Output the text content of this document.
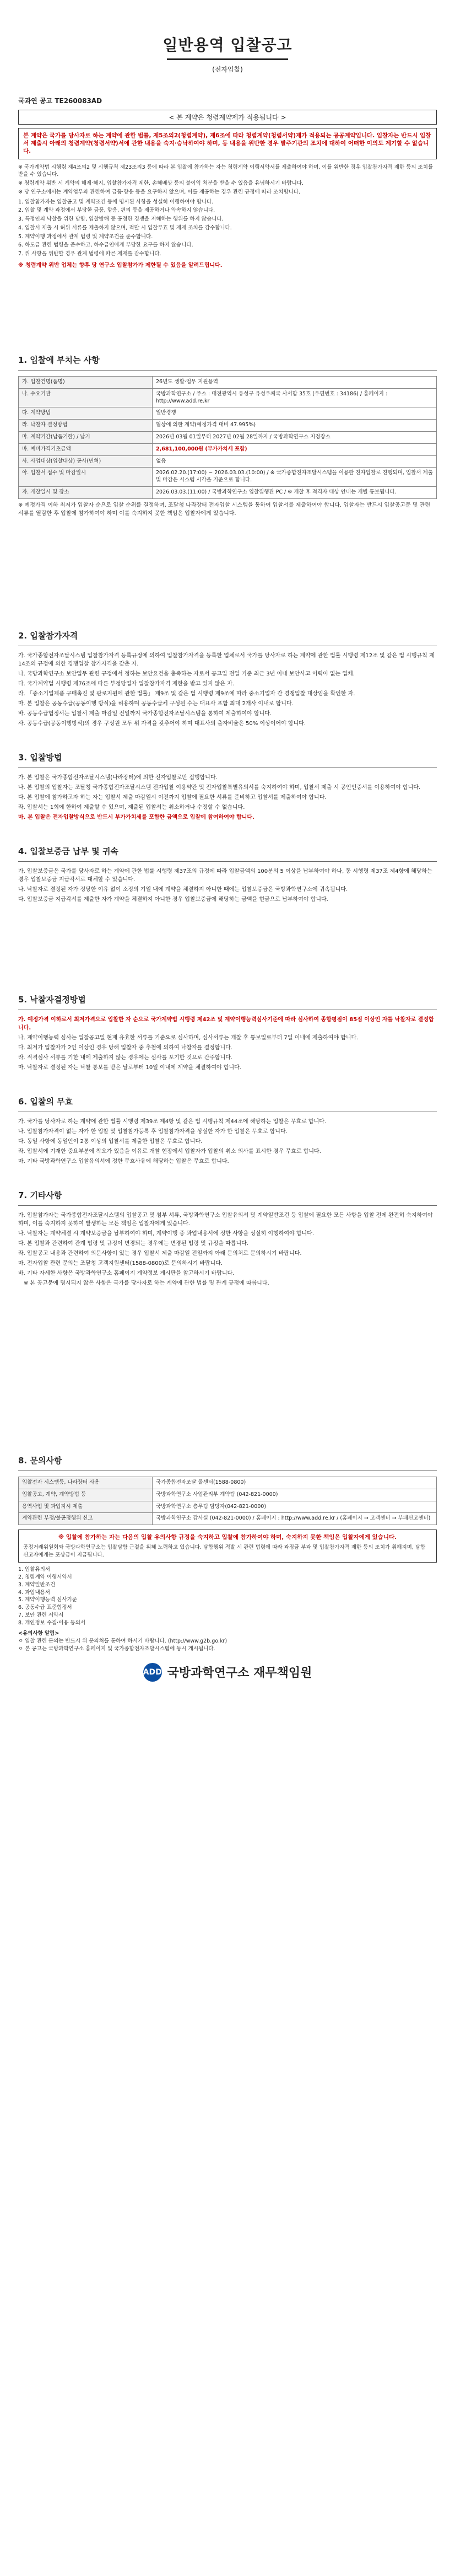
일반용역 입찰공고
(전자입찰)
국과연 공고 TE260083AD
< 본 계약은 청렴계약제가 적용됩니다 >
본 계약은 국가를 당사자로 하는 계약에 관한 법률, 제5조의2(청렴계약), 제6조에 따라 청렴계약(청렴서약)제가 적용되는 공공계약입니다. 입찰자는 반드시 입찰서 제출시 아래의 청렴계약(청렴서약)서에 관한 내용을 숙지·승낙하여야 하며, 동 내용을 위반한 경우 발주기관의 조치에 대하여 어떠한 이의도 제기할 수 없습니다.

※ 국가계약법 시행령 제4조의2 및 시행규칙 제23조의3 등에 따라 본 입찰에 참가하는 자는 청렴계약 이행서약서를 제출하여야 하며, 이를 위반한 경우 입찰참가자격 제한 등의 조치를 받을 수 있습니다.

※ 청렴계약 위반 시 계약의 해제·해지, 입찰참가자격 제한, 손해배상 등의 불이익 처분을 받을 수 있음을 유념하시기 바랍니다.

※ 당 연구소에서는 계약업무와 관련하여 금품·향응 등을 요구하지 않으며, 이를 제공하는 경우 관련 규정에 따라 조치합니다.

1. 입찰참가자는 입찰공고 및 계약조건 등에 명시된 사항을 성실히 이행하여야 합니다.
2. 입찰 및 계약 과정에서 부당한 금품, 향응, 편의 등을 제공하거나 약속하지 않습니다.
3. 특정인의 낙찰을 위한 담합, 입찰방해 등 공정한 경쟁을 저해하는 행위를 하지 않습니다.
4. 입찰서 제출 시 허위 서류를 제출하지 않으며, 적발 시 입찰무효 및 제재 조치를 감수합니다.
5. 계약이행 과정에서 관계 법령 및 계약조건을 준수합니다.
6. 하도급 관련 법령을 준수하고, 하수급인에게 부당한 요구를 하지 않습니다.
7. 위 사항을 위반할 경우 관계 법령에 따른 제재를 감수합니다.

※ 청렴계약 위반 업체는 향후 당 연구소 입찰참가가 제한될 수 있음을 알려드립니다.

1. 입찰에 부치는 사항
가. 입찰건명(품명)	26년도 생활·업무 지원용역
나. 수요기관	국방과학연구소 / 주소 : 대전광역시 유성구 유성우체국 사서함 35호 (우편번호 : 34186) / 홈페이지 : http://www.add.re.kr
다. 계약방법	일반경쟁
라. 낙찰자 결정방법	협상에 의한 계약(예정가격 대비 47.995%)
마. 계약기간(납품기한) / 납기	2026년 03월 01일부터 2027년 02월 28일까지 / 국방과학연구소 지정장소
바. 예비가격기초금액	2,681,100,000원 (부가가치세 포함)
사. 사업대상(입찰대상) 공사(면허)	없음
아. 입찰서 접수 및 마감일시	2026.02.20.(17:00) ~ 2026.03.03.(10:00) / ※ 국가종합전자조달시스템을 이용한 전자입찰로 진행되며, 입찰서 제출 및 마감은 시스템 시각을 기준으로 합니다.
자. 개찰일시 및 장소	2026.03.03.(11:00) / 국방과학연구소 입찰집행관 PC / ※ 개찰 후 적격자 대상 안내는 개별 통보됩니다.

※ 예정가격 이하 최저가 입찰자 순으로 입찰 순위를 결정하며, 조달청 나라장터 전자입찰 시스템을 통하여 입찰서를 제출하여야 합니다. 입찰자는 반드시 입찰공고문 및 관련 서류를 열람한 후 입찰에 참가하여야 하며 이를 숙지하지 못한 책임은 입찰자에게 있습니다.

2. 입찰참가자격

가. 국가종합전자조달시스템 입찰참가자격 등록규정에 의하여 입찰참가자격을 등록한 업체로서 국가를 당사자로 하는 계약에 관한 법률 시행령 제12조 및 같은 법 시행규칙 제14조의 규정에 의한 경쟁입찰 참가자격을 갖춘 자.

나. 국방과학연구소 보안업무 관련 규정에서 정하는 보안요건을 충족하는 자로서 공고일 전일 기준 최근 3년 이내 보안사고 이력이 없는 업체.

다. 국가계약법 시행령 제76조에 따른 부정당업자 입찰참가자격 제한을 받고 있지 않은 자.

라. 「중소기업제품 구매촉진 및 판로지원에 관한 법률」 제9조 및 같은 법 시행령 제9조에 따라 중소기업자 간 경쟁입찰 대상임을 확인한 자.

마. 본 입찰은 공동수급(공동이행 방식)을 허용하며 공동수급체 구성원 수는 대표사 포함 최대 2개사 이내로 합니다.

바. 공동수급협정서는 입찰서 제출 마감일 전일까지 국가종합전자조달시스템을 통하여 제출하여야 합니다.

사. 공동수급(공동이행방식)의 경우 구성원 모두 위 자격을 갖추어야 하며 대표사의 출자비율은 50% 이상이어야 합니다.

3. 입찰방법

가. 본 입찰은 국가종합전자조달시스템(나라장터)에 의한 전자입찰로만 집행합니다.

나. 본 입찰의 입찰자는 조달청 국가종합전자조달시스템 전자입찰 이용약관 및 전자입찰특별유의서를 숙지하여야 하며, 입찰서 제출 시 공인인증서를 이용하여야 합니다.

다. 본 입찰에 참가하고자 하는 자는 입찰서 제출 마감일시 이전까지 입찰에 필요한 서류를 준비하고 입찰서를 제출하여야 합니다.

라. 입찰서는 1회에 한하여 제출할 수 있으며, 제출된 입찰서는 취소하거나 수정할 수 없습니다.

마. 본 입찰은 전자입찰방식으로 반드시 부가가치세를 포함한 금액으로 입찰에 참여하여야 합니다.

4. 입찰보증금 납부 및 귀속

가. 입찰보증금은 국가를 당사자로 하는 계약에 관한 법률 시행령 제37조의 규정에 따라 입찰금액의 100분의 5 이상을 납부하여야 하나, 동 시행령 제37조 제4항에 해당하는 경우 입찰보증금 지급각서로 대체할 수 있습니다.

나. 낙찰자로 결정된 자가 정당한 이유 없이 소정의 기일 내에 계약을 체결하지 아니한 때에는 입찰보증금은 국방과학연구소에 귀속됩니다.

다. 입찰보증금 지급각서를 제출한 자가 계약을 체결하지 아니한 경우 입찰보증금에 해당하는 금액을 현금으로 납부하여야 합니다.

5. 낙찰자결정방법

가. 예정가격 이하로서 최저가격으로 입찰한 자 순으로 국가계약법 시행령 제42조 및 계약이행능력심사기준에 따라 심사하여 종합평점이 85점 이상인 자를 낙찰자로 결정합니다.

나. 계약이행능력 심사는 입찰공고일 현재 유효한 서류를 기준으로 심사하며, 심사서류는 개찰 후 통보일로부터 7일 이내에 제출하여야 합니다.

다. 최저가 입찰자가 2인 이상인 경우 당해 입찰자 중 추첨에 의하여 낙찰자를 결정합니다.

라. 적격심사 서류를 기한 내에 제출하지 않는 경우에는 심사를 포기한 것으로 간주합니다.

마. 낙찰자로 결정된 자는 낙찰 통보를 받은 날로부터 10일 이내에 계약을 체결하여야 합니다.

6. 입찰의 무효

가. 국가를 당사자로 하는 계약에 관한 법률 시행령 제39조 제4항 및 같은 법 시행규칙 제44조에 해당하는 입찰은 무효로 합니다.

나. 입찰참가자격이 없는 자가 한 입찰 및 입찰참가등록 후 입찰참가자격을 상실한 자가 한 입찰은 무효로 합니다.

다. 동일 사항에 동일인이 2통 이상의 입찰서를 제출한 입찰은 무효로 합니다.

라. 입찰서에 기재한 중요부분에 착오가 있음을 이유로 개찰 현장에서 입찰자가 입찰의 취소 의사를 표시한 경우 무효로 합니다.

마. 기타 국방과학연구소 입찰유의서에 정한 무효사유에 해당하는 입찰은 무효로 합니다.

7. 기타사항

가. 입찰참가자는 국가종합전자조달시스템의 입찰공고 및 첨부 서류, 국방과학연구소 입찰유의서 및 계약일반조건 등 입찰에 필요한 모든 사항을 입찰 전에 완전히 숙지하여야 하며, 이를 숙지하지 못하여 발생하는 모든 책임은 입찰자에게 있습니다.

나. 낙찰자는 계약체결 시 계약보증금을 납부하여야 하며, 계약이행 중 과업내용서에 정한 사항을 성실히 이행하여야 합니다.

다. 본 입찰과 관련하여 관계 법령 및 규정이 변경되는 경우에는 변경된 법령 및 규정을 따릅니다.

라. 입찰공고 내용과 관련하여 의문사항이 있는 경우 입찰서 제출 마감일 전일까지 아래 문의처로 문의하시기 바랍니다.

마. 전자입찰 관련 문의는 조달청 고객지원센터(1588-0800)로 문의하시기 바랍니다.

바. 기타 자세한 사항은 국방과학연구소 홈페이지 계약정보 게시판을 참고하시기 바랍니다.

※ 본 공고문에 명시되지 않은 사항은 국가를 당사자로 하는 계약에 관한 법률 및 관계 규정에 따릅니다.

8. 문의사항
입찰전자 시스템등, 나라장터 사용	국가종합전자조달 콜센터(1588-0800)
입찰공고, 계약, 계약방법 등	국방과학연구소 사업관리부 계약팀 (042-821-0000)
용역사업 및 과업지시 제출	국방과학연구소 총무팀 담당자(042-821-0000)
계약관련 부정/불공정행위 신고	국방과학연구소 감사실 (042-821-0000) / 홈페이지 : http://www.add.re.kr / (홈페이지 → 고객센터 → 부패신고센터)
※ 입찰에 참가하는 자는 다음의 입찰 유의사항 규정을 숙지하고 입찰에 참가하여야 하며, 숙지하지 못한 책임은 입찰자에게 있습니다.
공정거래위원회와 국방과학연구소는 입찰담합 근절을 위해 노력하고 있습니다. 담합행위 적발 시 관련 법령에 따라 과징금 부과 및 입찰참가자격 제한 등의 조치가 취해지며, 담합 신고자에게는 포상금이 지급됩니다.
1. 입찰유의서
2. 청렴계약 이행서약서
3. 계약일반조건
4. 과업내용서
5. 계약이행능력 심사기준
6. 공동수급 표준협정서
7. 보안 관련 서약서
8. 개인정보 수집·이용 동의서
<유의사항 알림>
ㅇ 입찰 관련 문의는 반드시 위 문의처를 통하여 하시기 바랍니다. (http://www.g2b.go.kr)
ㅇ 본 공고는 국방과학연구소 홈페이지 및 국가종합전자조달시스템에 동시 게시됩니다.
ADD 국방과학연구소 재무책임원
